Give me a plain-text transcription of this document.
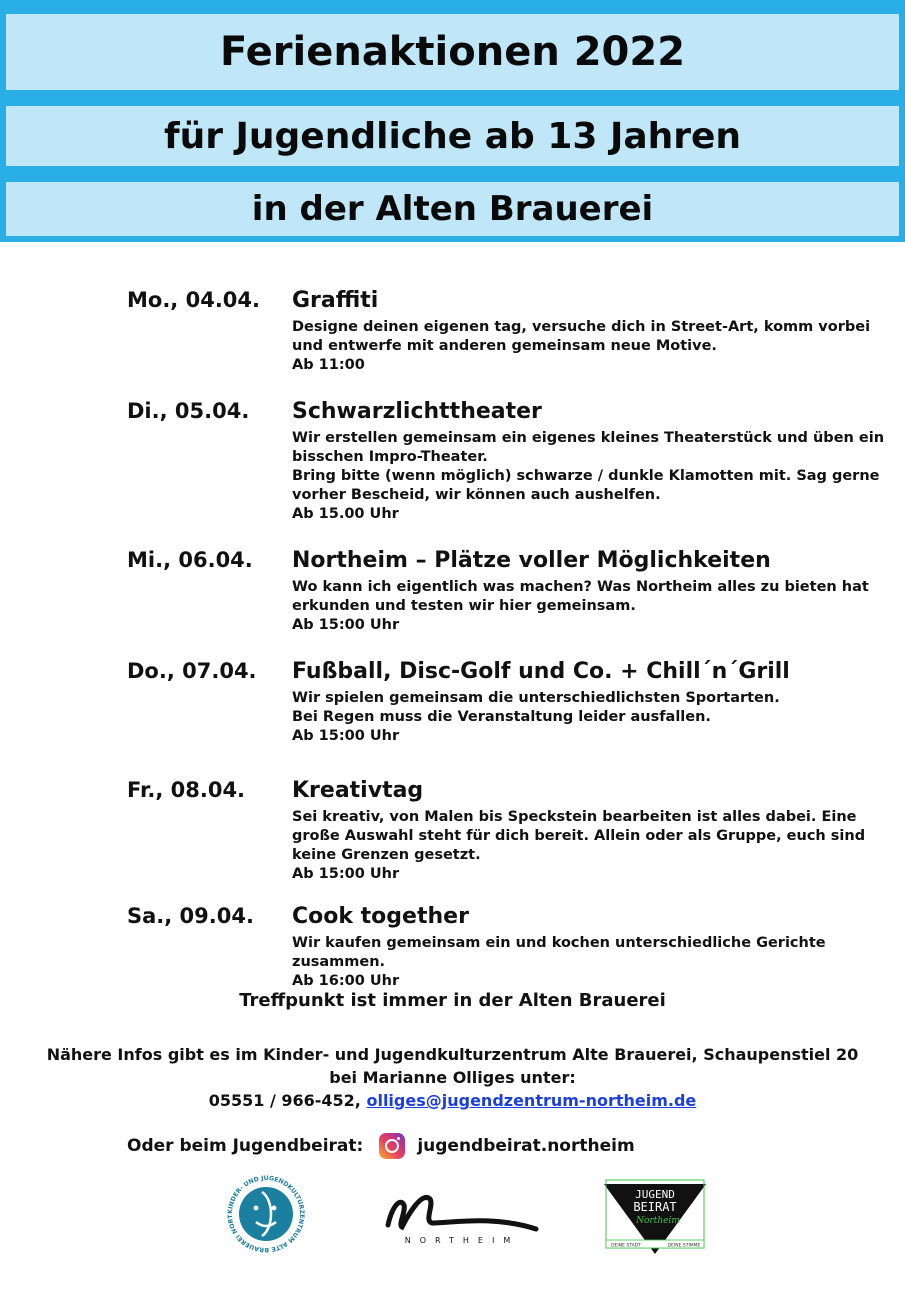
Ferienaktionen 2022
für Jugendliche ab 13 Jahren
in der Alten Brauerei
Mo., 04.04. Graffiti

Designe deinen eigenen tag, versuche dich in Street-Art, komm vorbei und entwerfe mit anderen gemeinsam neue Motive.

Ab 11:00

Di., 05.04. Schwarzlichttheater

Wir erstellen gemeinsam ein eigenes kleines Theaterstück und üben ein bisschen Impro-Theater.

Bring bitte (wenn möglich) schwarze / dunkle Klamotten mit. Sag gerne vorher Bescheid, wir können auch aushelfen.

Ab 15.00 Uhr

Mi., 06.04. Northeim – Plätze voller Möglichkeiten

Wo kann ich eigentlich was machen? Was Northeim alles zu bieten hat erkunden und testen wir hier gemeinsam.

Ab 15:00 Uhr

Do., 07.04. Fußball, Disc-Golf und Co. + Chill´n´Grill

Wir spielen gemeinsam die unterschiedlichsten Sportarten.

Bei Regen muss die Veranstaltung leider ausfallen.

Ab 15:00 Uhr

Fr., 08.04. Kreativtag

Sei kreativ, von Malen bis Speckstein bearbeiten ist alles dabei. Eine große Auswahl steht für dich bereit. Allein oder als Gruppe, euch sind keine Grenzen gesetzt.

Ab 15:00 Uhr

Sa., 09.04. Cook together

Wir kaufen gemeinsam ein und kochen unterschiedliche Gerichte zusammen.

Ab 16:00 Uhr

Treffpunkt ist immer in der Alten Brauerei
Nähere Infos gibt es im Kinder- und Jugendkulturzentrum Alte Brauerei, Schaupenstiel 20
bei Marianne Olliges unter:
05551 / 966-452, olliges@jugendzentrum-northeim.de
Oder beim Jugendbeirat:	jugendbeirat.northeim
KINDER- UND JUGENDKULTURZENTRUM ALTE BRAUEREI NORT
NORTHEIM
JUGEND
BEIRAT
Northeim
DEINE STADT	DEINE STIMME
